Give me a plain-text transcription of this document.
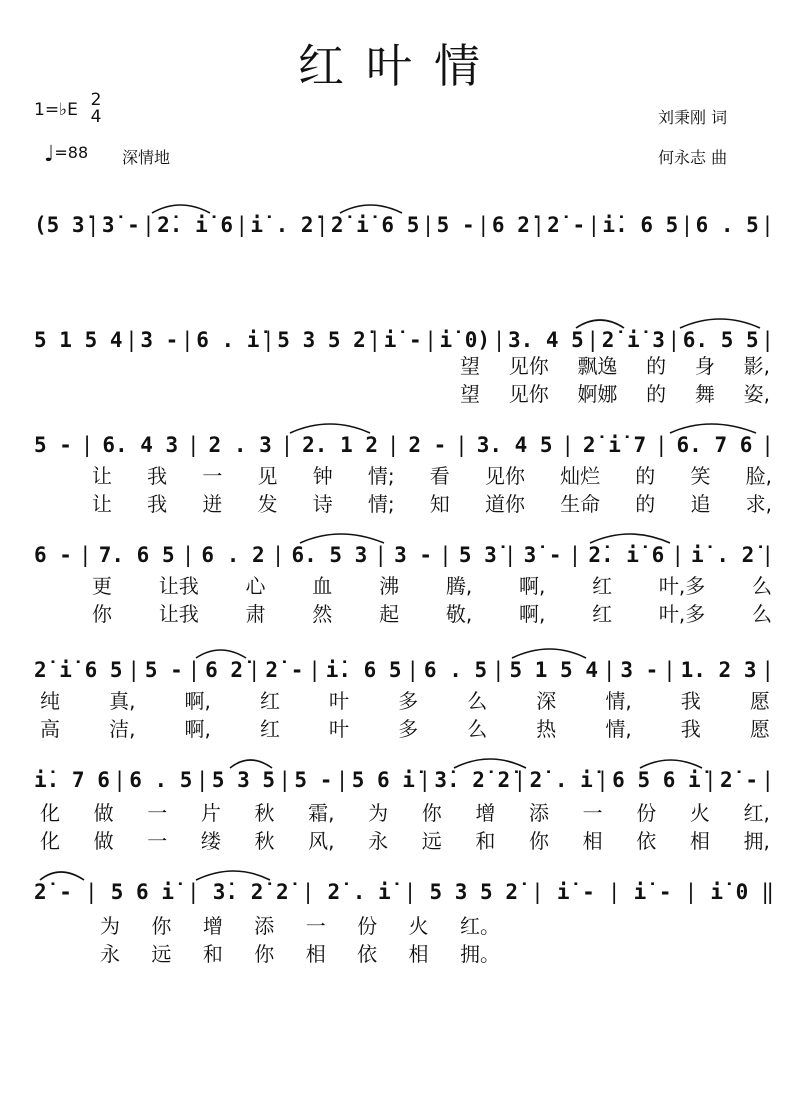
红叶情
1=♭E 2
4
♩=88 深情地
刘秉刚 词
何永志 曲
(5 3̇ | 3̇ - | 2̇. i̇ 6 | i̇ . 2̇ | 2̇ i̇ 6 5 | 5 - | 6 2̇ | 2̇ - | i̇. 6 5 | 6 . 5 |
5 1 5 4 | 3 - | 6 . i̇ | 5 3 5 2̇ | i̇ - | i̇ 0) | 3. 4 5 | 2̇ i̇ 3 | 6. 5 5 |
望 见你 飘逸 的 身 影,
望 见你 婀娜 的 舞 姿,
5 - | 6. 4 3 | 2 . 3 | 2. 1 2 | 2 - | 3. 4 5 | 2̇ i̇ 7 | 6. 7 6 |
让 我 一 见 钟 情; 看 见你 灿烂 的 笑 脸,
让 我 迸 发 诗 情; 知 道你 生命 的 追 求,
6 - | 7. 6 5 | 6 . 2 | 6. 5 3 | 3 - | 5 3̇ | 3̇ - | 2̇. i̇ 6 | i̇ . 2̇ |
更 让我 心 血 沸 腾, 啊, 红 叶,多 么
你 让我 肃 然 起 敬, 啊, 红 叶,多 么
2̇ i̇ 6 5 | 5 - | 6 2̇ | 2̇ - | i̇. 6 5 | 6 . 5 | 5 1 5 4 | 3 - | 1. 2 3 |
纯 真, 啊, 红 叶 多 么 深 情, 我 愿
高 洁, 啊, 红 叶 多 么 热 情, 我 愿
i̇. 7 6 | 6 . 5 | 5 3 5 | 5 - | 5 6 i̇ | 3̇. 2̇ 2̇ | 2̇ . i̇ | 6 5 6 i̇ | 2̇ - |
化 做 一 片 秋 霜, 为 你 增 添 一 份 火 红,
化 做 一 缕 秋 风, 永 远 和 你 相 依 相 拥,
2̇ - | 5 6 i̇ | 3̇. 2̇ 2̇ | 2̇ . i̇ | 5 3 5 2̇ | i̇ - | i̇ - | i̇ 0 ‖
为 你 增 添 一 份 火 红。
永 远 和 你 相 依 相 拥。
